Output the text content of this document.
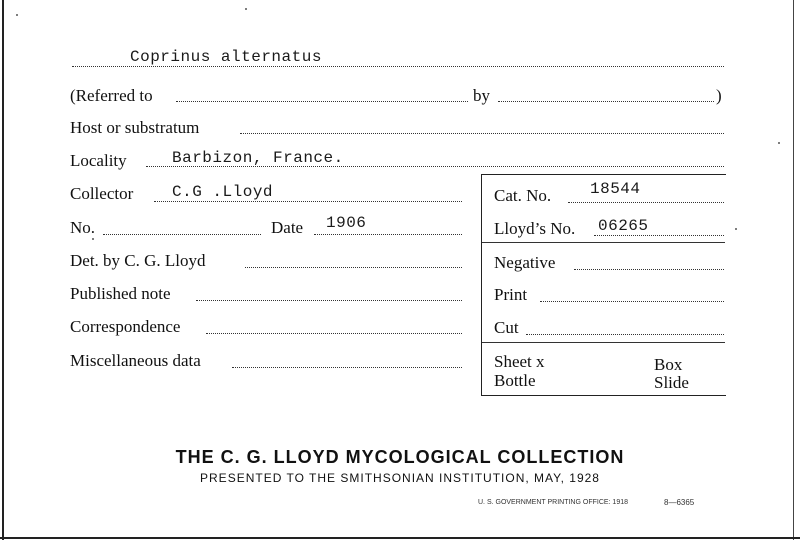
Coprinus alternatus
(Referred to	by	)
Host or substratum
Locality	Barbizon, France.
Collector C.G .Lloyd
No.	Date 1906
Det. by C. G. Lloyd
Published note
Correspondence
Miscellaneous data
Cat. No. 18544
Lloyd’s No. 06265
Negative
Print
Cut
Sheet x	Box
Bottle	Slide
THE C. G. LLOYD MYCOLOGICAL COLLECTION
PRESENTED TO THE SMITHSONIAN INSTITUTION, MAY, 1928
U. S. GOVERNMENT PRINTING OFFICE: 1918	8—6365
